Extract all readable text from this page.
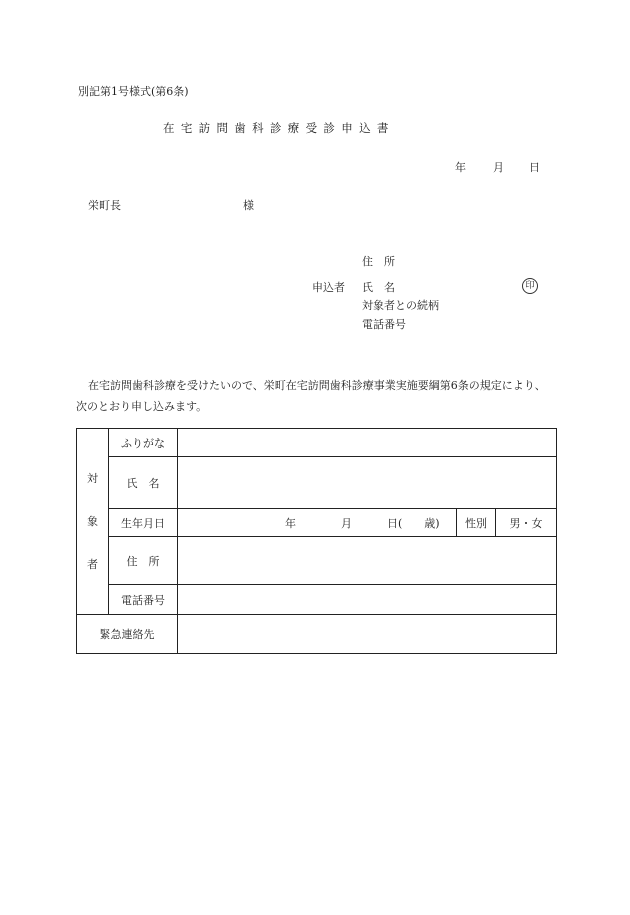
別記第1号様式(第6条)
在宅訪問歯科診療受診申込書
年 月 日
栄町長	様
住　所
申込者 氏　名	印
対象者との続柄
電話番号
在宅訪問歯科診療を受けたいので、栄町在宅訪問歯科診療事業実施要綱第6条の規定により、次のとおり申し込みます。
対
象
者	ふりがな			
	氏　名			
	生年月日	年 月 日(　　歳)	性別	男・女
	住　所			
	電話番号			
緊急連絡先				
